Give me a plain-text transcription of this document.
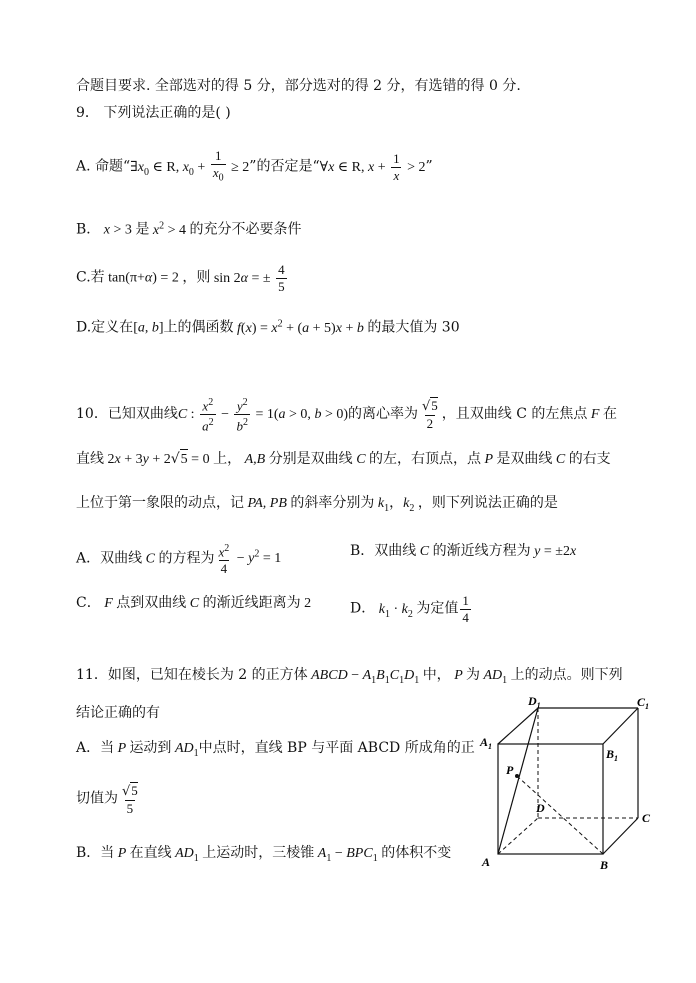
合题目要求. 全部选对的得 5 分，部分选对的得 2 分，有选错的得 0 分.
9． 下列说法正确的是( )
A. 命题“$\exists x_0$ ∈ R, $x_0 + \frac{1}{x_0} \ge 2$”的否定是“∀x ∈ R, $x + \frac{1}{x} > 2$”
B． x > 3 是 $x^2 > 4$ 的充分不必要条件
C.若 tan(π+α) = 2 ，则 sin 2α = ± $\frac{4}{5}$
D.定义在[a, b]上的偶函数 $f(x) = x^2 + (a + 5)x + b$ 的最大值为 30
10．已知双曲线C : $\frac{x^2}{a^2} - \frac{y^2}{b^2} = 1(a > 0$, b > 0)的离心率为 $\frac{√5}{2}$ ，且双曲线 C 的左焦点 F 在
直线 2x + 3y + 2√5 = 0 上， A,B 分别是双曲线 C 的左，右顶点，点 P 是双曲线 C 的右支
上位于第一象限的动点，记 PA, PB 的斜率分别为 $k_1$，$k_2$ ，则下列说法正确的是
A．双曲线 C 的方程为 $\frac{x^2}{4} - y^2 = 1$	B．双曲线 C 的渐近线方程为 y = ±2x
C． F 点到双曲线 C 的渐近线距离为 2	D． $k_1 \cdot k_2$ 为定值 $\frac{1}{4}$
11．如图，已知在棱长为 2 的正方体 ABCD − $A_1B_1C_1D_1$ 中， P 为 $AD_1$ 上的动点。则下列
结论正确的有
A．当 P 运动到 $AD_1$中点时，直线 BP 与平面 ABCD 所成角的正
切值为 $\frac{√5}{5}$
B．当 P 在直线 $AD_1$ 上运动时，三棱锥 $A_1 - BPC_1$ 的体积不变
A	B
C
D
$A_1$
$B_1$
$C_1$
$D_1$
P
